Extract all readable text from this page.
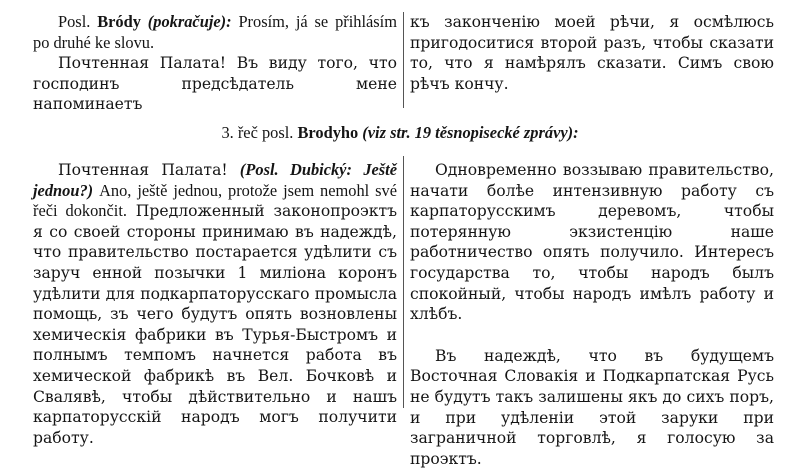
Posl. Bródy (pokračuje): Prosím, já se přihlásím po druhé ke slovu.

Почтенная Палата! Въ виду того, что господинъ предсѣдатель мене напоминаетъ

къ закончeнію моей рѣчи, я осмѣлюсь пригодоситися второй разъ, чтобы сказати то, что я намѣрялъ сказати. Симъ свою рѣчъ кончу.

3. řeč posl. Brodyho (viz str. 19 těsnopisecké zprávy):

Почтенная Палата! (Posl. Dubický: Ještě jednou?) Ano, ještě jednou, protože jsem nemohl své řeči dokončit. Предложенный законопроэктъ я со своей стороны принимаю въ надеждѣ, что правительство постарается удѣлити съ заруч енной позычки 1 миліона коронъ удѣлити для подкарпаторусскаго промысла помощь, зъ чего будутъ опять возновлены хемическія фабрики въ Турья-Быстромъ и полнымъ темпомъ начнется работа въ хемической фабрикѣ въ Вел. Бочковѣ и Свалявѣ, чтобы дѣйствительно и нашъ карпаторусскій народъ могъ получити работу.

Одновременно воззываю правительство, начати болѣе интензивную работу съ карпаторусскимъ деревомъ, чтобы потерянную экзистенцію наше работничество опять получило. Интересъ государства то, чтобы народъ былъ спокойный, чтобы народъ имѣлъ работу и хлѣбъ.

Въ надеждѣ, что въ будущемъ Восточная Словакія и Подкарпатская Русь не будутъ такъ залишены якъ до сихъ поръ, и при удѣленіи этой заруки при заграничной торговлѣ, я голосую за проэктъ.
